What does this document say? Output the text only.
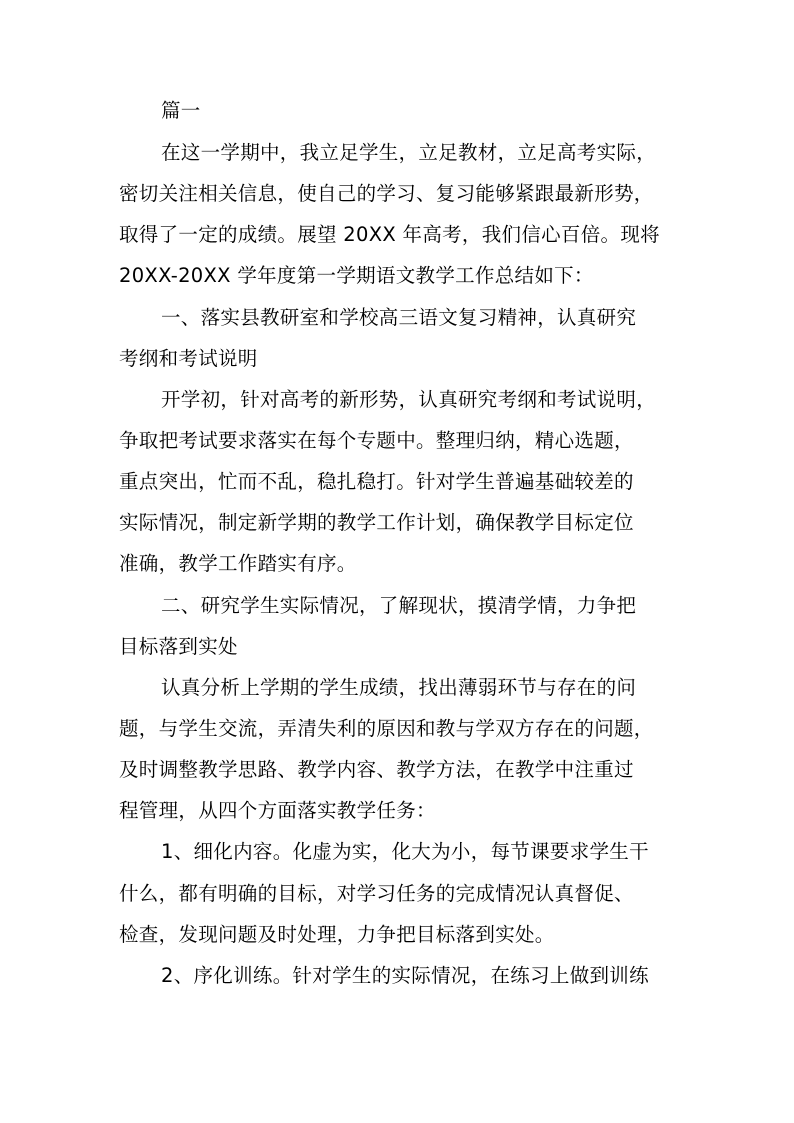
篇一

在这一学期中，我立足学生，立足教材，立足高考实际，

密切关注相关信息，使自己的学习、复习能够紧跟最新形势，

取得了一定的成绩。展望 20XX 年高考，我们信心百倍。现将

20XX-20XX 学年度第一学期语文教学工作总结如下：

一、落实县教研室和学校高三语文复习精神，认真研究

考纲和考试说明

开学初，针对高考的新形势，认真研究考纲和考试说明，

争取把考试要求落实在每个专题中。整理归纳，精心选题，

重点突出，忙而不乱，稳扎稳打。针对学生普遍基础较差的

实际情况，制定新学期的教学工作计划，确保教学目标定位

准确，教学工作踏实有序。

二、研究学生实际情况，了解现状，摸清学情，力争把

目标落到实处

认真分析上学期的学生成绩，找出薄弱环节与存在的问

题，与学生交流，弄清失利的原因和教与学双方存在的问题，

及时调整教学思路、教学内容、教学方法，在教学中注重过

程管理，从四个方面落实教学任务：

1、细化内容。化虚为实，化大为小，每节课要求学生干

什么，都有明确的目标，对学习任务的完成情况认真督促、

检查，发现问题及时处理，力争把目标落到实处。

2、序化训练。针对学生的实际情况，在练习上做到训练
